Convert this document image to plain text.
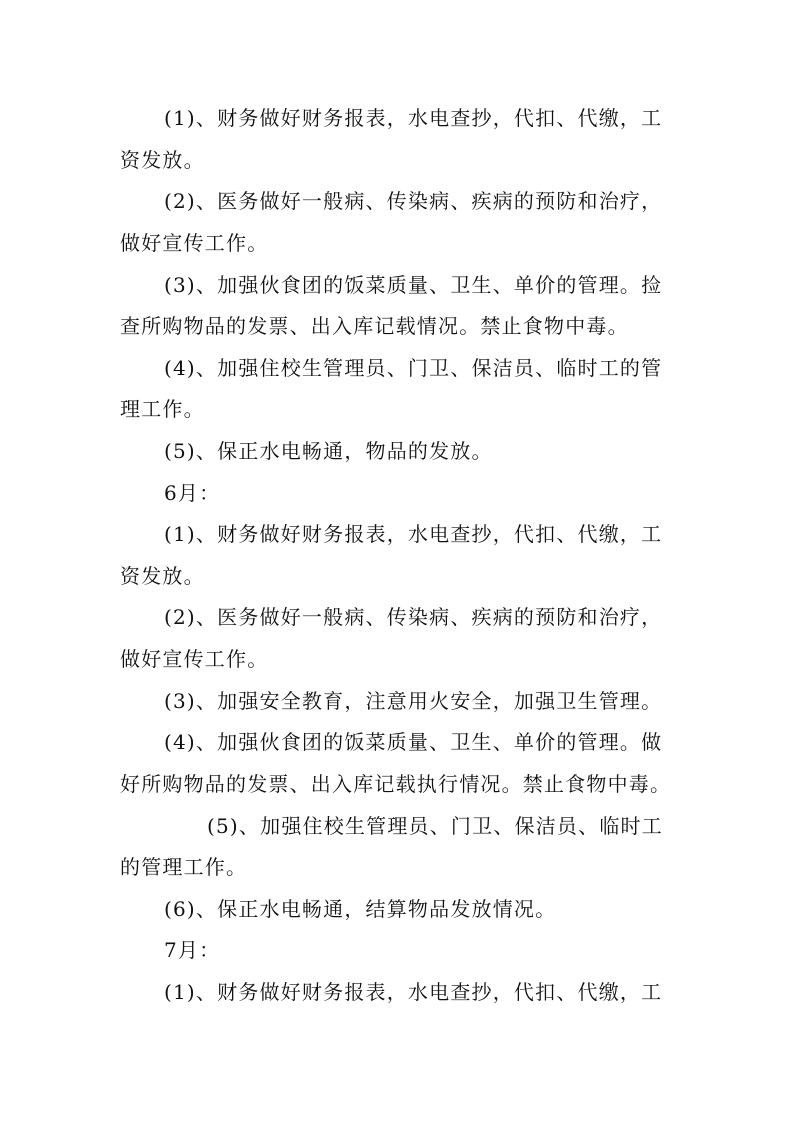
(1)、财务做好财务报表，水电查抄，代扣、代缴，工
资发放。
(2)、医务做好一般病、传染病、疾病的预防和治疗，
做好宣传工作。
(3)、加强伙食团的饭菜质量、卫生、单价的管理。捡
查所购物品的发票、出入库记载情况。禁止食物中毒。
(4)、加强住校生管理员、门卫、保洁员、临时工的管
理工作。
(5)、保正水电畅通，物品的发放。
6月：
(1)、财务做好财务报表，水电查抄，代扣、代缴，工
资发放。
(2)、医务做好一般病、传染病、疾病的预防和治疗，
做好宣传工作。
(3)、加强安全教育，注意用火安全，加强卫生管理。
(4)、加强伙食团的饭菜质量、卫生、单价的管理。做
好所购物品的发票、出入库记载执行情况。禁止食物中毒。
(5)、加强住校生管理员、门卫、保洁员、临时工
的管理工作。
(6)、保正水电畅通，结算物品发放情况。
7月：
(1)、财务做好财务报表，水电查抄，代扣、代缴，工
